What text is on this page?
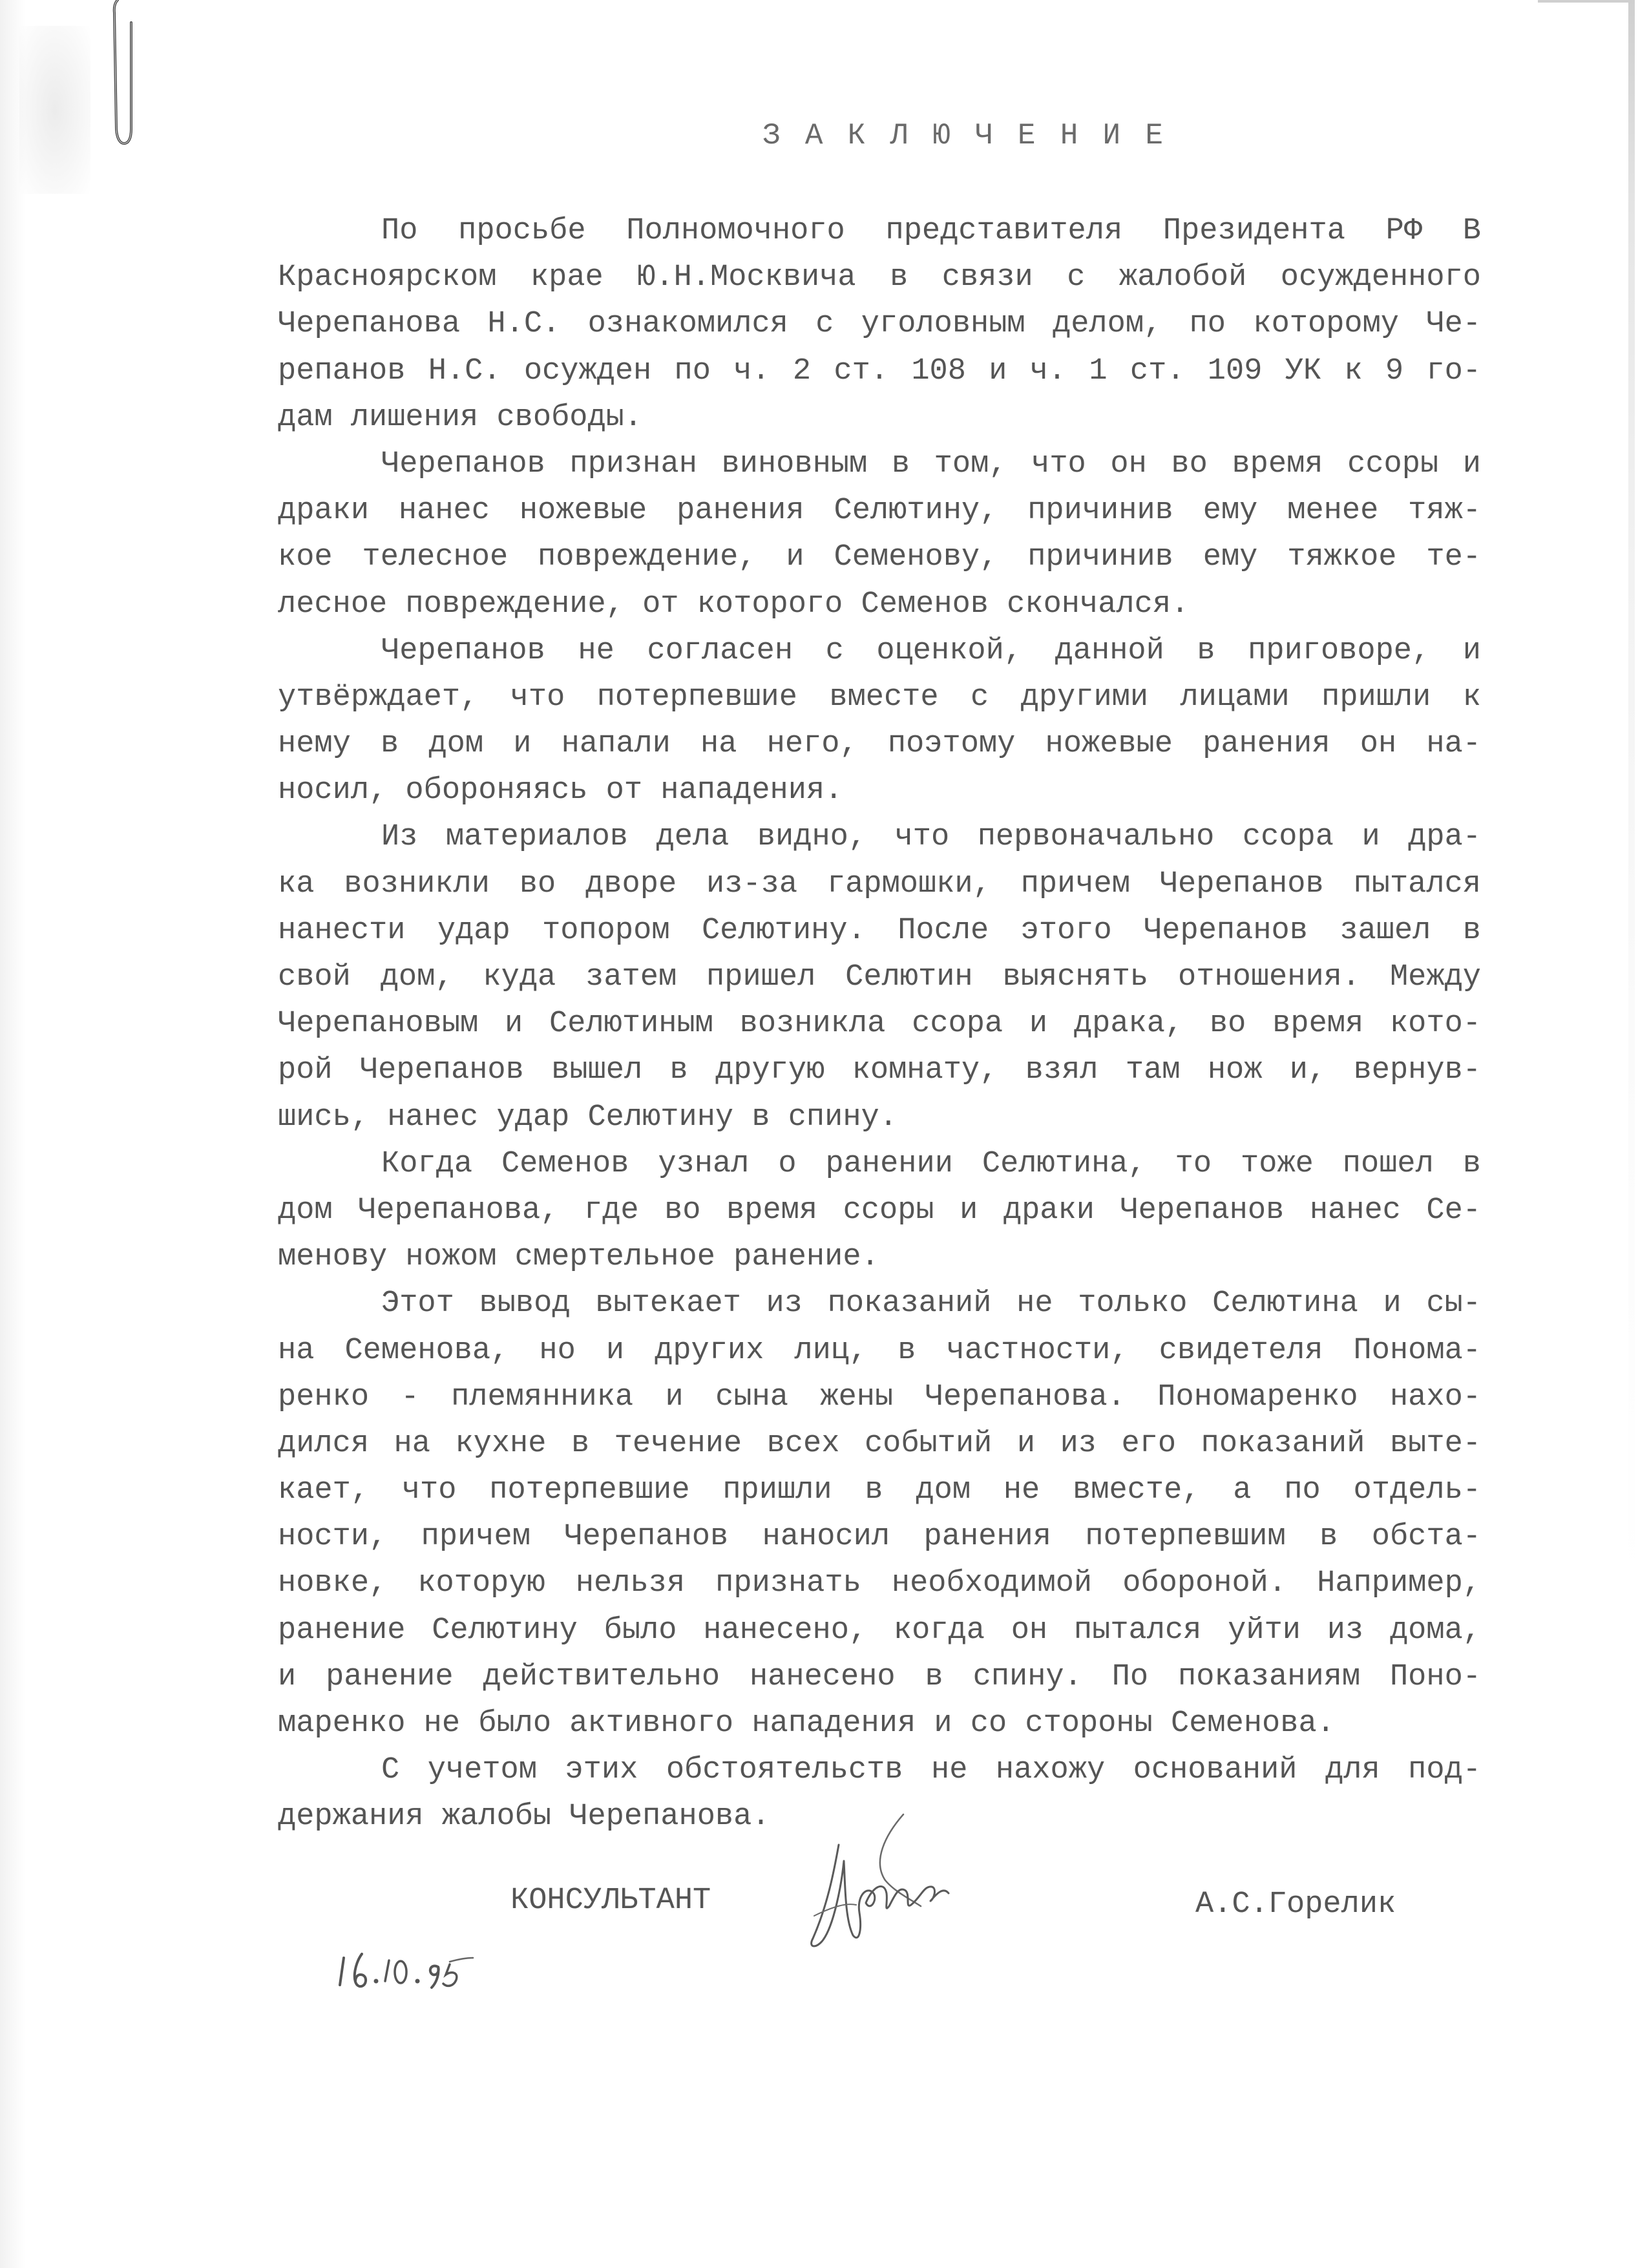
З А К Л Ю Ч Е Н И Е
По просьбе Полномочного представителя Президента РФ В
Красноярском крае Ю.Н.Москвича в связи с жалобой осужденного
Черепанова Н.С. ознакомился с уголовным делом, по которому Че-
репанов Н.С. осужден по ч. 2 ст. 108 и ч. 1 ст. 109 УК к 9 го-
дам лишения свободы.
Черепанов признан виновным в том, что он во время ссоры и
драки нанес ножевые ранения Селютину, причинив ему менее тяж-
кое телесное повреждение, и Семенову, причинив ему тяжкое те-
лесное повреждение, от которого Семенов скончался.
Черепанов не согласен с оценкой, данной в приговоре, и
утвёрждает, что потерпевшие вместе с другими лицами пришли к
нему в дом и напали на него, поэтому ножевые ранения он на-
носил, обороняясь от нападения.
Из материалов дела видно, что первоначально ссора и дра-
ка возникли во дворе из-за гармошки, причем Черепанов пытался
нанести удар топором Селютину. После этого Черепанов зашел в
свой дом, куда затем пришел Селютин выяснять отношения. Между
Черепановым и Селютиным возникла ссора и драка, во время кото-
рой Черепанов вышел в другую комнату, взял там нож и, вернув-
шись, нанес удар Селютину в спину.
Когда Семенов узнал о ранении Селютина, то тоже пошел в
дом Черепанова, где во время ссоры и драки Черепанов нанес Се-
менову ножом смертельное ранение.
Этот вывод вытекает из показаний не только Селютина и сы-
на Семенова, но и других лиц, в частности, свидетеля Понома-
ренко - племянника и сына жены Черепанова. Пономаренко нахо-
дился на кухне в течение всех событий и из его показаний выте-
кает, что потерпевшие пришли в дом не вместе, а по отдель-
ности, причем Черепанов наносил ранения потерпевшим в обста-
новке, которую нельзя признать необходимой обороной. Например,
ранение Селютину было нанесено, когда он пытался уйти из дома,
и ранение действительно нанесено в спину. По показаниям Поно-
маренко не было активного нападения и со стороны Семенова.
С учетом этих обстоятельств не нахожу оснований для под-
держания жалобы Черепанова.
КОНСУЛЬТАНТ	А.С.Горелик
